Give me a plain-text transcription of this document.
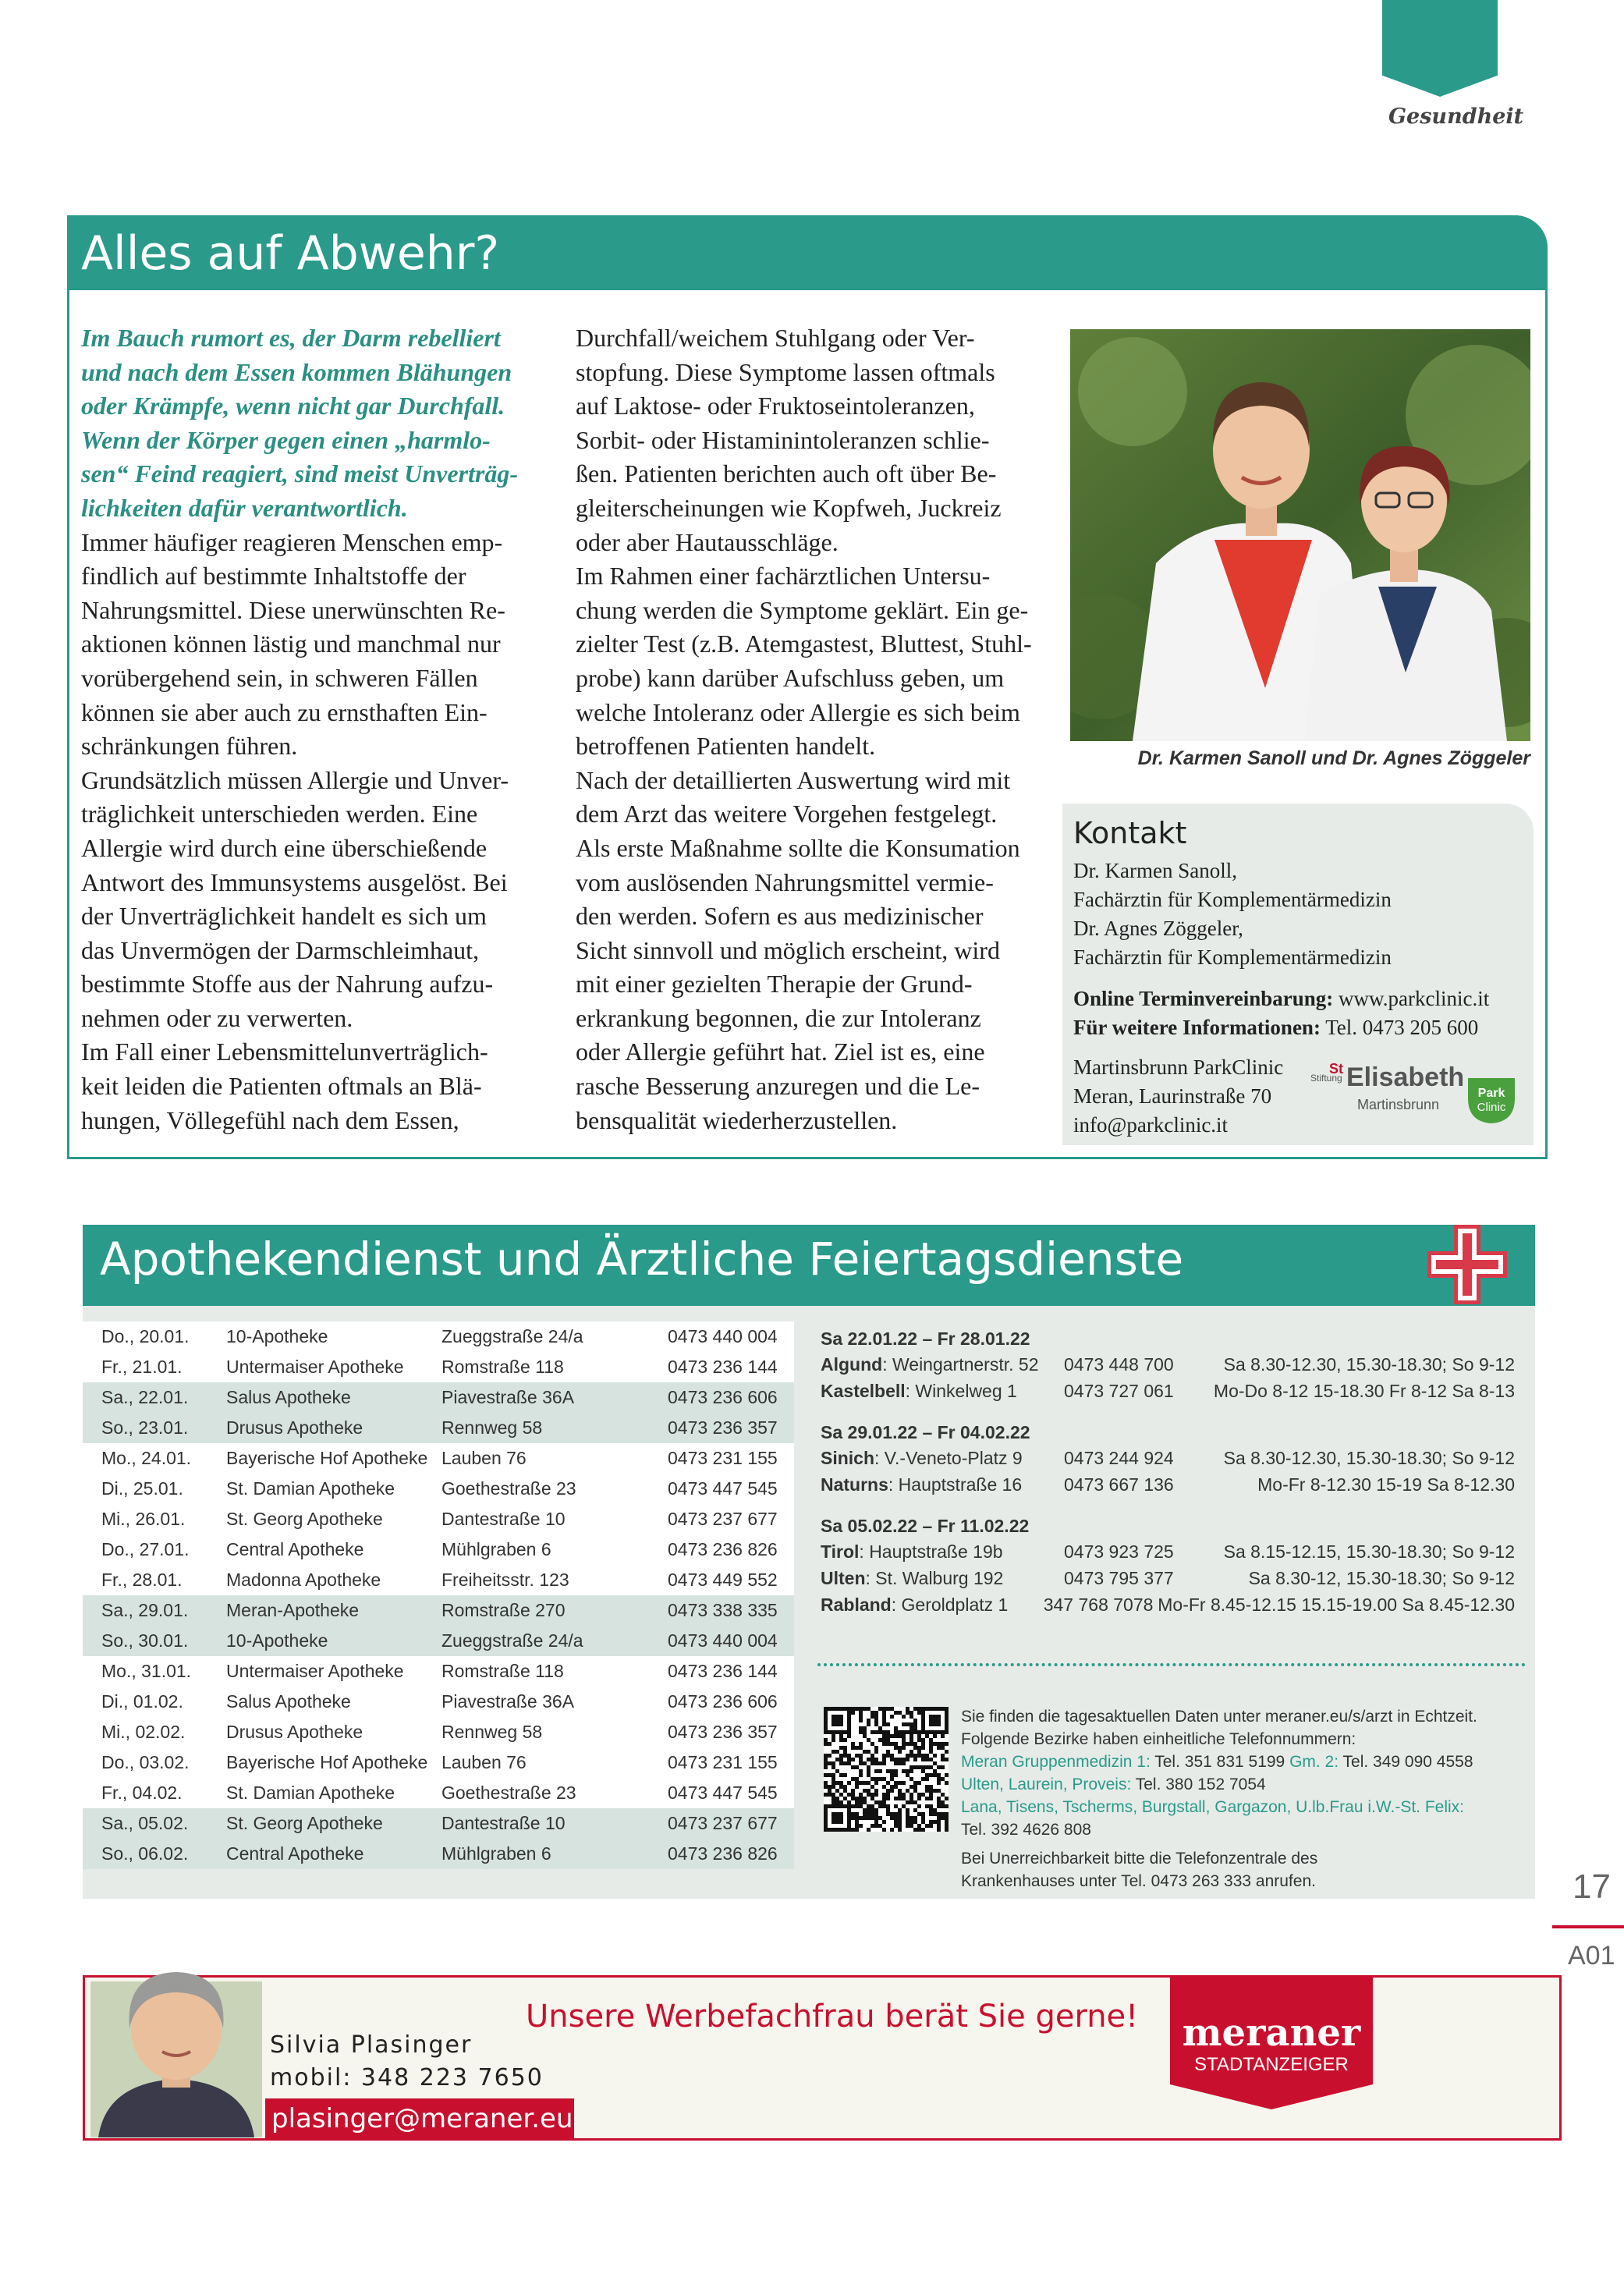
Gesundheit
Alles auf Abwehr?
Im Bauch rumort es, der Darm rebelliert
und nach dem Essen kommen Blähungen
oder Krämpfe, wenn nicht gar Durchfall.
Wenn der Körper gegen einen „harmlo-
sen“ Feind reagiert, sind meist Unverträg-
lichkeiten dafür verantwortlich.
Immer häufiger reagieren Menschen emp-
findlich auf bestimmte Inhaltstoffe der
Nahrungsmittel. Diese unerwünschten Re-
aktionen können lästig und manchmal nur
vorübergehend sein, in schweren Fällen
können sie aber auch zu ernsthaften Ein-
schränkungen führen.
Grundsätzlich müssen Allergie und Unver-
träglichkeit unterschieden werden. Eine
Allergie wird durch eine überschießende
Antwort des Immunsystems ausgelöst. Bei
der Unverträglichkeit handelt es sich um
das Unvermögen der Darmschleimhaut,
bestimmte Stoffe aus der Nahrung aufzu-
nehmen oder zu verwerten.
Im Fall einer Lebensmittelunverträglich-
keit leiden die Patienten oftmals an Blä-
hungen, Völlegefühl nach dem Essen,
Durchfall/weichem Stuhlgang oder Ver-
stopfung. Diese Symptome lassen oftmals
auf Laktose- oder Fruktoseintoleranzen,
Sorbit- oder Histaminintoleranzen schlie-
ßen. Patienten berichten auch oft über Be-
gleiterscheinungen wie Kopfweh, Juckreiz
oder aber Hautausschläge.
Im Rahmen einer fachärztlichen Untersu-
chung werden die Symptome geklärt. Ein ge-
zielter Test (z.B. Atemgastest, Bluttest, Stuhl-
probe) kann darüber Aufschluss geben, um
welche Intoleranz oder Allergie es sich beim
betroffenen Patienten handelt.
Nach der detaillierten Auswertung wird mit
dem Arzt das weitere Vorgehen festgelegt.
Als erste Maßnahme sollte die Konsumation
vom auslösenden Nahrungsmittel vermie-
den werden. Sofern es aus medizinischer
Sicht sinnvoll und möglich erscheint, wird
mit einer gezielten Therapie der Grund-
erkrankung begonnen, die zur Intoleranz
oder Allergie geführt hat. Ziel ist es, eine
rasche Besserung anzuregen und die Le-
bensqualität wiederherzustellen.
Dr. Karmen Sanoll und Dr. Agnes Zöggeler
Kontakt
Dr. Karmen Sanoll,
Fachärztin für Komplementärmedizin
Dr. Agnes Zöggeler,
Fachärztin für Komplementärmedizin
Online Terminvereinbarung: www.parkclinic.it
Für weitere Informationen: Tel. 0473 205 600
Martinsbrunn ParkClinic
Meran, Laurinstraße 70
info@parkclinic.it
Stiftung
St Elisabeth
Martinsbrunn
Park
Clinic
Apothekendienst und Ärztliche Feiertagsdienste
Do., 20.01.	10-Apotheke	Zueggstraße 24/a	0473 440 004
Fr., 21.01.	Untermaiser Apotheke	Romstraße 118	0473 236 144
Sa., 22.01.	Salus Apotheke	Piavestraße 36A	0473 236 606
So., 23.01.	Drusus Apotheke	Rennweg 58	0473 236 357
Mo., 24.01.	Bayerische Hof Apotheke	Lauben 76	0473 231 155
Di., 25.01.	St. Damian Apotheke	Goethestraße 23	0473 447 545
Mi., 26.01.	St. Georg Apotheke	Dantestraße 10	0473 237 677
Do., 27.01.	Central Apotheke	Mühlgraben 6	0473 236 826
Fr., 28.01.	Madonna Apotheke	Freiheitsstr. 123	0473 449 552
Sa., 29.01.	Meran-Apotheke	Romstraße 270	0473 338 335
So., 30.01.	10-Apotheke	Zueggstraße 24/a	0473 440 004
Mo., 31.01.	Untermaiser Apotheke	Romstraße 118	0473 236 144
Di., 01.02.	Salus Apotheke	Piavestraße 36A	0473 236 606
Mi., 02.02.	Drusus Apotheke	Rennweg 58	0473 236 357
Do., 03.02.	Bayerische Hof Apotheke	Lauben 76	0473 231 155
Fr., 04.02.	St. Damian Apotheke	Goethestraße 23	0473 447 545
Sa., 05.02.	St. Georg Apotheke	Dantestraße 10	0473 237 677
So., 06.02.	Central Apotheke	Mühlgraben 6	0473 236 826
Sa 22.01.22 – Fr 28.01.22
Algund: Weingartnerstr. 52	0473 448 700	Sa 8.30-12.30, 15.30-18.30; So 9-12
Kastelbell: Winkelweg 1	0473 727 061	Mo-Do 8-12 15-18.30 Fr 8-12 Sa 8-13
Sa 29.01.22 – Fr 04.02.22
Sinich: V.-Veneto-Platz 9	0473 244 924	Sa 8.30-12.30, 15.30-18.30; So 9-12
Naturns: Hauptstraße 16	0473 667 136	Mo-Fr 8-12.30 15-19 Sa 8-12.30
Sa 05.02.22 – Fr 11.02.22
Tirol: Hauptstraße 19b	0473 923 725	Sa 8.15-12.15, 15.30-18.30; So 9-12
Ulten: St. Walburg 192	0473 795 377	Sa 8.30-12, 15.30-18.30; So 9-12
Rabland: Geroldplatz 1	347 768 7078 Mo-Fr 8.45-12.15 15.15-19.00 Sa 8.45-12.30
Sie finden die tagesaktuellen Daten unter meraner.eu/s/arzt in Echtzeit.
Folgende Bezirke haben einheitliche Telefonnummern:
Meran Gruppenmedizin 1: Tel. 351 831 5199 Gm. 2: Tel. 349 090 4558
Ulten, Laurein, Proveis: Tel. 380 152 7054
Lana, Tisens, Tscherms, Burgstall, Gargazon, U.lb.Frau i.W.-St. Felix:
Tel. 392 4626 808
Bei Unerreichbarkeit bitte die Telefonzentrale des
Krankenhauses unter Tel. 0473 263 333 anrufen.	17
A01
Silvia Plasinger
mobil: 348 223 7650
plasinger@meraner.eu
Unsere Werbefachfrau berät Sie gerne! meraner
STADTANZEIGER
